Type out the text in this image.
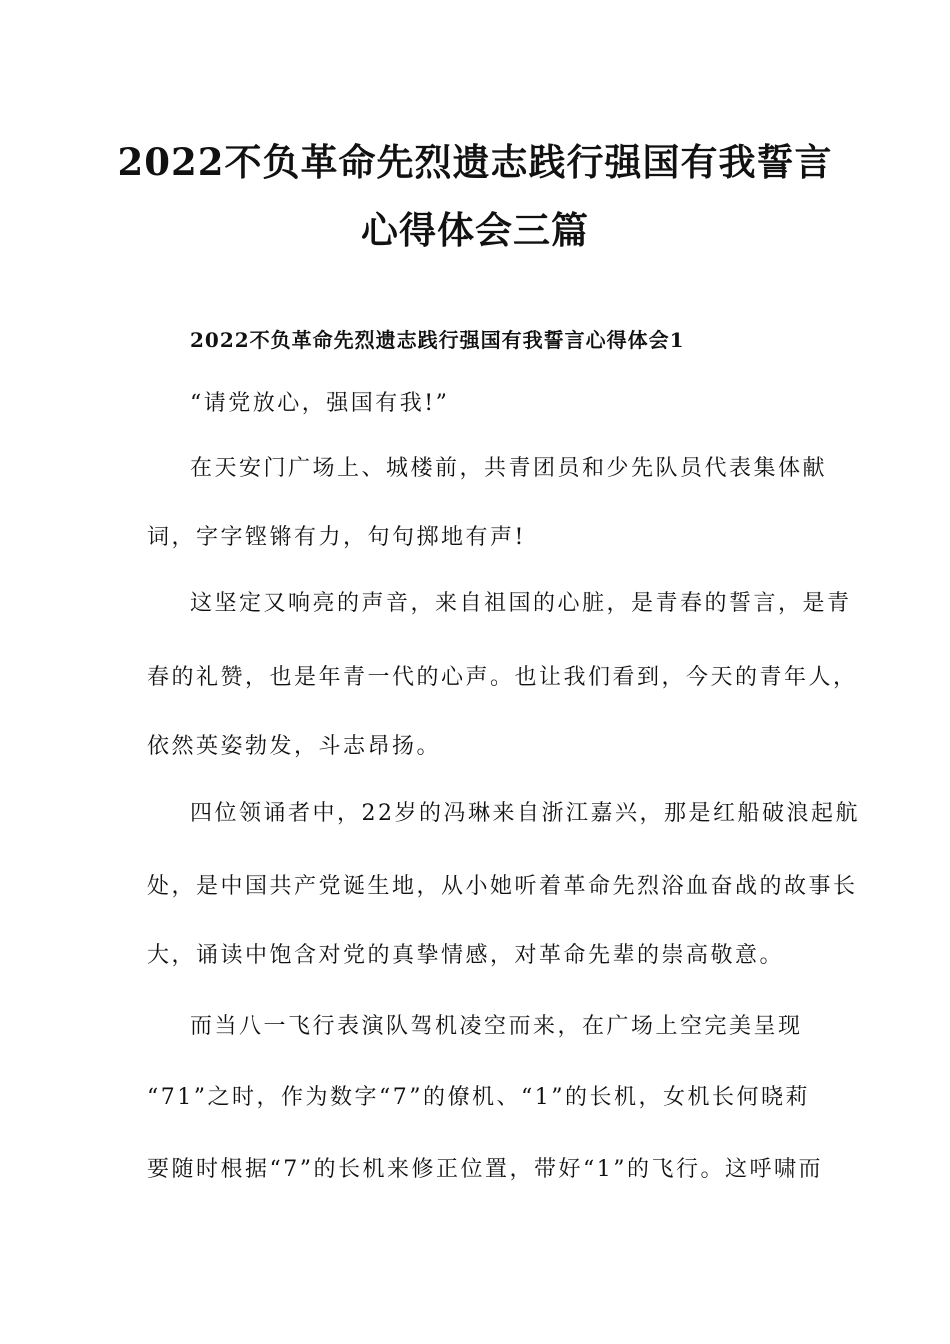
2022不负革命先烈遗志践行强国有我誓言
心得体会三篇
2022不负革命先烈遗志践行强国有我誓言心得体会1

“请党放心，强国有我!”

在天安门广场上、城楼前，共青团员和少先队员代表集体献

词，字字铿锵有力，句句掷地有声!

这坚定又响亮的声音，来自祖国的心脏，是青春的誓言，是青

春的礼赞，也是年青一代的心声。也让我们看到，今天的青年人，

依然英姿勃发，斗志昂扬。

四位领诵者中，22岁的冯琳来自浙江嘉兴，那是红船破浪起航

处，是中国共产党诞生地，从小她听着革命先烈浴血奋战的故事长

大，诵读中饱含对党的真挚情感，对革命先辈的崇高敬意。

而当八一飞行表演队驾机凌空而来，在广场上空完美呈现

“71”之时，作为数字“7”的僚机、“1”的长机，女机长何晓莉

要随时根据“7”的长机来修正位置，带好“1”的飞行。这呼啸而
